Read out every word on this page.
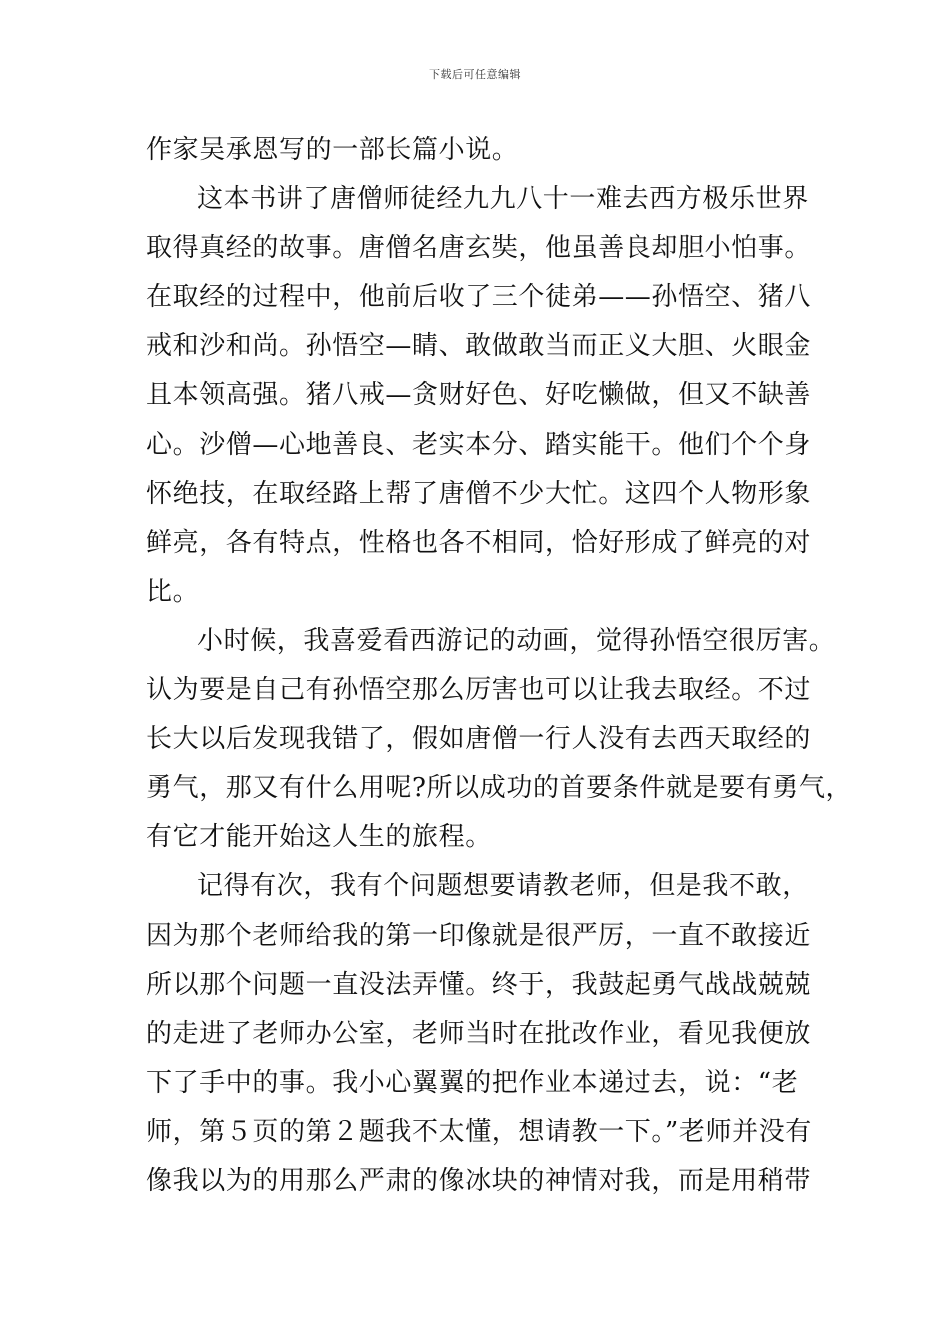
下载后可任意编辑
作家吴承恩写的一部长篇小说。
这本书讲了唐僧师徒经九九八十一难去西方极乐世界
取得真经的故事。唐僧名唐玄奘，他虽善良却胆小怕事。
在取经的过程中，他前后收了三个徒弟——孙悟空、猪八
戒和沙和尚。孙悟空—睛、敢做敢当而正义大胆、火眼金
且本领高强。猪八戒—贪财好色、好吃懒做，但又不缺善
心。沙僧—心地善良、老实本分、踏实能干。他们个个身
怀绝技，在取经路上帮了唐僧不少大忙。这四个人物形象
鲜亮，各有特点，性格也各不相同，恰好形成了鲜亮的对
比。
小时候，我喜爱看西游记的动画，觉得孙悟空很厉害。
认为要是自己有孙悟空那么厉害也可以让我去取经。不过
长大以后发现我错了，假如唐僧一行人没有去西天取经的
勇气，那又有什么用呢?所以成功的首要条件就是要有勇气，
有它才能开始这人生的旅程。
记得有次，我有个问题想要请教老师，但是我不敢，
因为那个老师给我的第一印像就是很严厉，一直不敢接近
所以那个问题一直没法弄懂。终于，我鼓起勇气战战兢兢
的走进了老师办公室，老师当时在批改作业，看见我便放
下了手中的事。我小心翼翼的把作业本递过去，说：“老
师，第５页的第２题我不太懂，想请教一下。”老师并没有
像我以为的用那么严肃的像冰块的神情对我，而是用稍带
